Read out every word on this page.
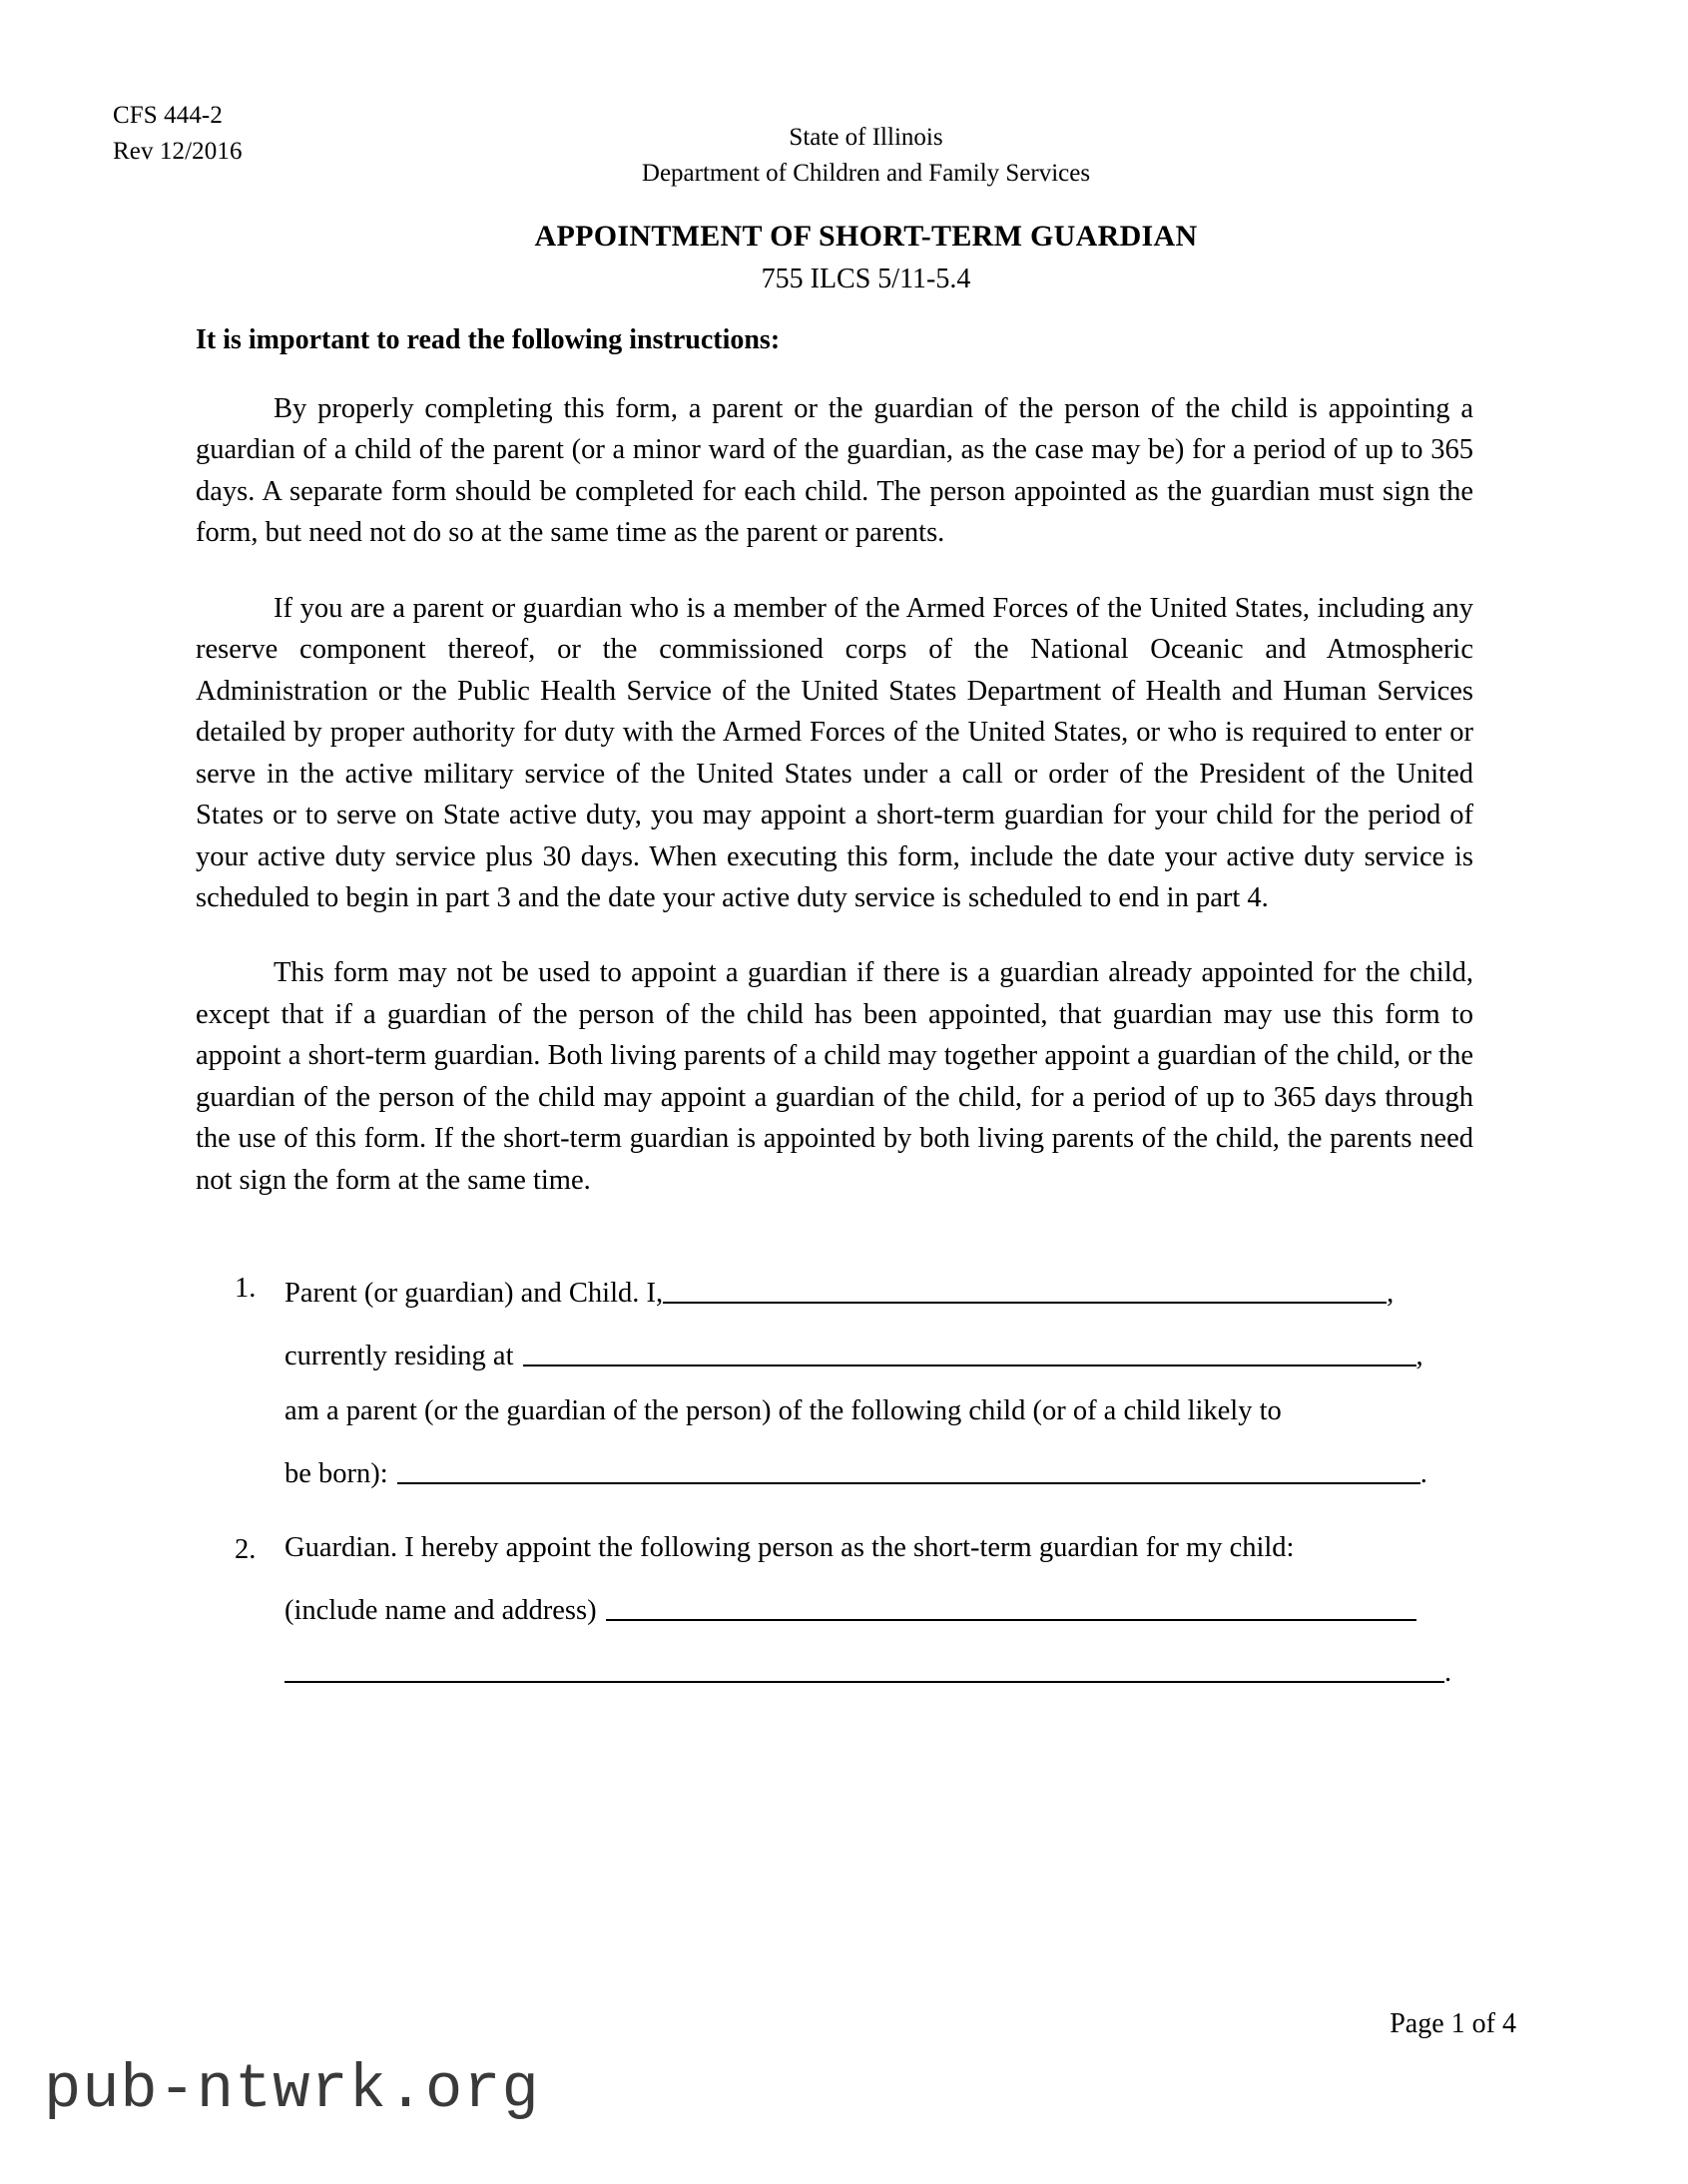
CFS 444-2
Rev 12/2016	State of Illinois
Department of Children and Family Services
APPOINTMENT OF SHORT-TERM GUARDIAN
755 ILCS 5/11-5.4
It is important to read the following instructions:

By properly completing this form, a parent or the guardian of the person of the child is appointing a guardian of a child of the parent (or a minor ward of the guardian, as the case may be) for a period of up to 365 days. A separate form should be completed for each child. The person appointed as the guardian must sign the form, but need not do so at the same time as the parent or parents.

If you are a parent or guardian who is a member of the Armed Forces of the United States, including any reserve component thereof, or the commissioned corps of the National Oceanic and Atmospheric Administration or the Public Health Service of the United States Department of Health and Human Services detailed by proper authority for duty with the Armed Forces of the United States, or who is required to enter or serve in the active military service of the United States under a call or order of the President of the United States or to serve on State active duty, you may appoint a short-term guardian for your child for the period of your active duty service plus 30 days. When executing this form, include the date your active duty service is scheduled to begin in part 3 and the date your active duty service is scheduled to end in part 4.

This form may not be used to appoint a guardian if there is a guardian already appointed for the child, except that if a guardian of the person of the child has been appointed, that guardian may use this form to appoint a short-term guardian. Both living parents of a child may together appoint a guardian of the child, or the guardian of the person of the child may appoint a guardian of the child, for a period of up to 365 days through the use of this form. If the short-term guardian is appointed by both living parents of the child, the parents need not sign the form at the same time.

1. Parent (or guardian) and Child. I,	,
currently residing at	,
am a parent (or the guardian of the person) of the following child (or of a child likely to
be born):	.
2. Guardian. I hereby appoint the following person as the short-term guardian for my child:
(include name and address)
.
Page 1 of 4
pub-ntwrk.org
